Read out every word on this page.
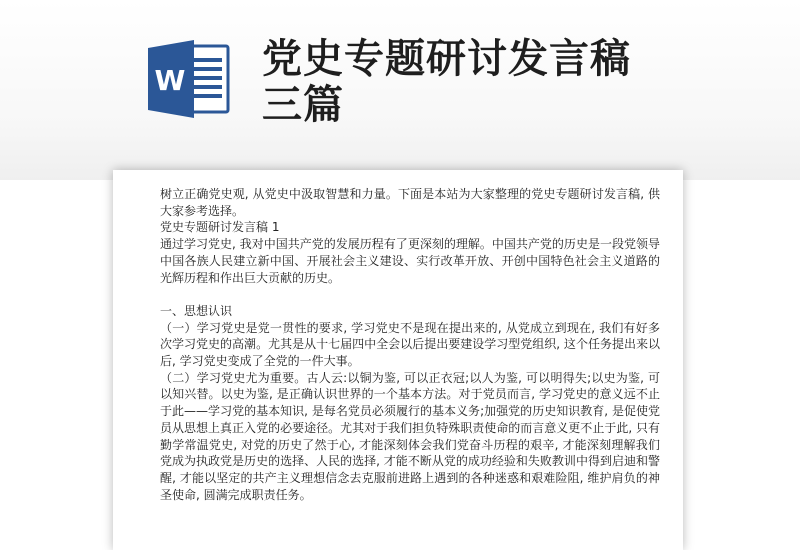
W 党史专题研讨发言稿
三篇

树立正确党史观, 从党史中汲取智慧和力量。下面是本站为大家整理的党史专题研讨发言稿, 供大家参考选择。

党史专题研讨发言稿 1

通过学习党史, 我对中国共产党的发展历程有了更深刻的理解。中国共产党的历史是一段党领导中国各族人民建立新中国、开展社会主义建设、实行改革开放、开创中国特色社会主义道路的光辉历程和作出巨大贡献的历史。

一、思想认识

（一）学习党史是党一贯性的要求, 学习党史不是现在提出来的, 从党成立到现在, 我们有好多次学习党史的高潮。尤其是从十七届四中全会以后提出要建设学习型党组织, 这个任务提出来以后, 学习党史变成了全党的一件大事。

（二）学习党史尤为重要。古人云:以铜为鉴, 可以正衣冠;以人为鉴, 可以明得失;以史为鉴, 可以知兴替。以史为鉴, 是正确认识世界的一个基本方法。对于党员而言, 学习党史的意义远不止于此——学习党的基本知识, 是每名党员必须履行的基本义务;加强党的历史知识教育, 是促使党员从思想上真正入党的必要途径。尤其对于我们担负特殊职责使命的而言意义更不止于此, 只有勤学常温党史, 对党的历史了然于心, 才能深刻体会我们党奋斗历程的艰辛, 才能深刻理解我们党成为执政党是历史的选择、人民的选择, 才能不断从党的成功经验和失败教训中得到启迪和警醒, 才能以坚定的共产主义理想信念去克服前进路上遇到的各种迷惑和艰难险阻, 维护肩负的神圣使命, 圆满完成职责任务。
